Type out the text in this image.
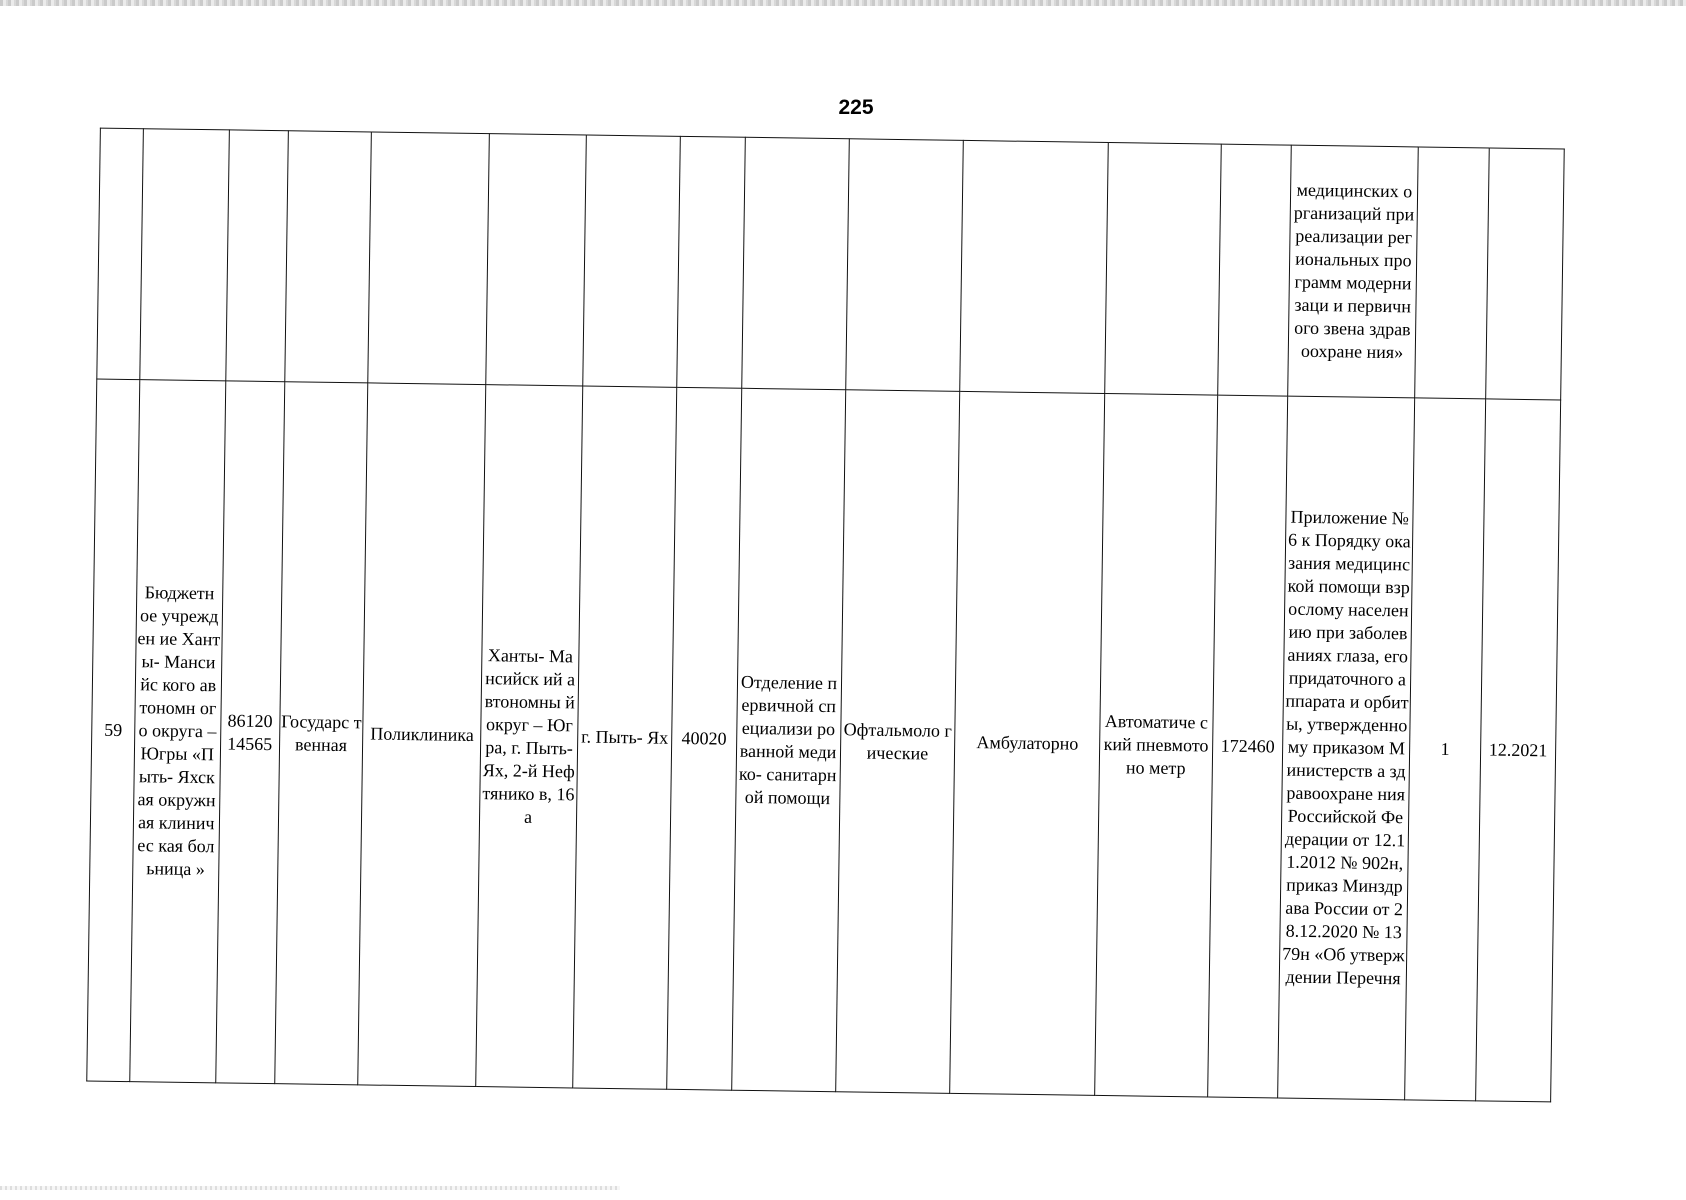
225
													медицинских организаций при реализации региональных программ модернизаци и первичного звена здравоохране ния»		
59	Бюджетн ое учрежден ие Ханты- Мансийс кого автономн ого округа – Югры «Пыть- Яхская окружная клиничес кая больница »	86120 14565	Государс твенная	Поликлиника	Ханты- Мансийск ий автономны й округ – Югра, г. Пыть-Ях, 2-й Нефтянико в, 16а	г. Пыть- Ях	40020	Отделение первичной специализи рованной медико- санитарной помощи	Офтальмоло гические	Амбулаторно	Автоматиче ский пневмотоно метр	172460	Приложение № 6 к Порядку оказания медицинской помощи взрослому населению при заболеваниях глаза, его придаточного аппарата и орбиты, утвержденно му приказом Министерств а здравоохране ния Российской Федерации от 12.11.2012 № 902н, приказ Минздрава России от 28.12.2020 № 1379н «Об утверждении Перечня	1	12.2021
